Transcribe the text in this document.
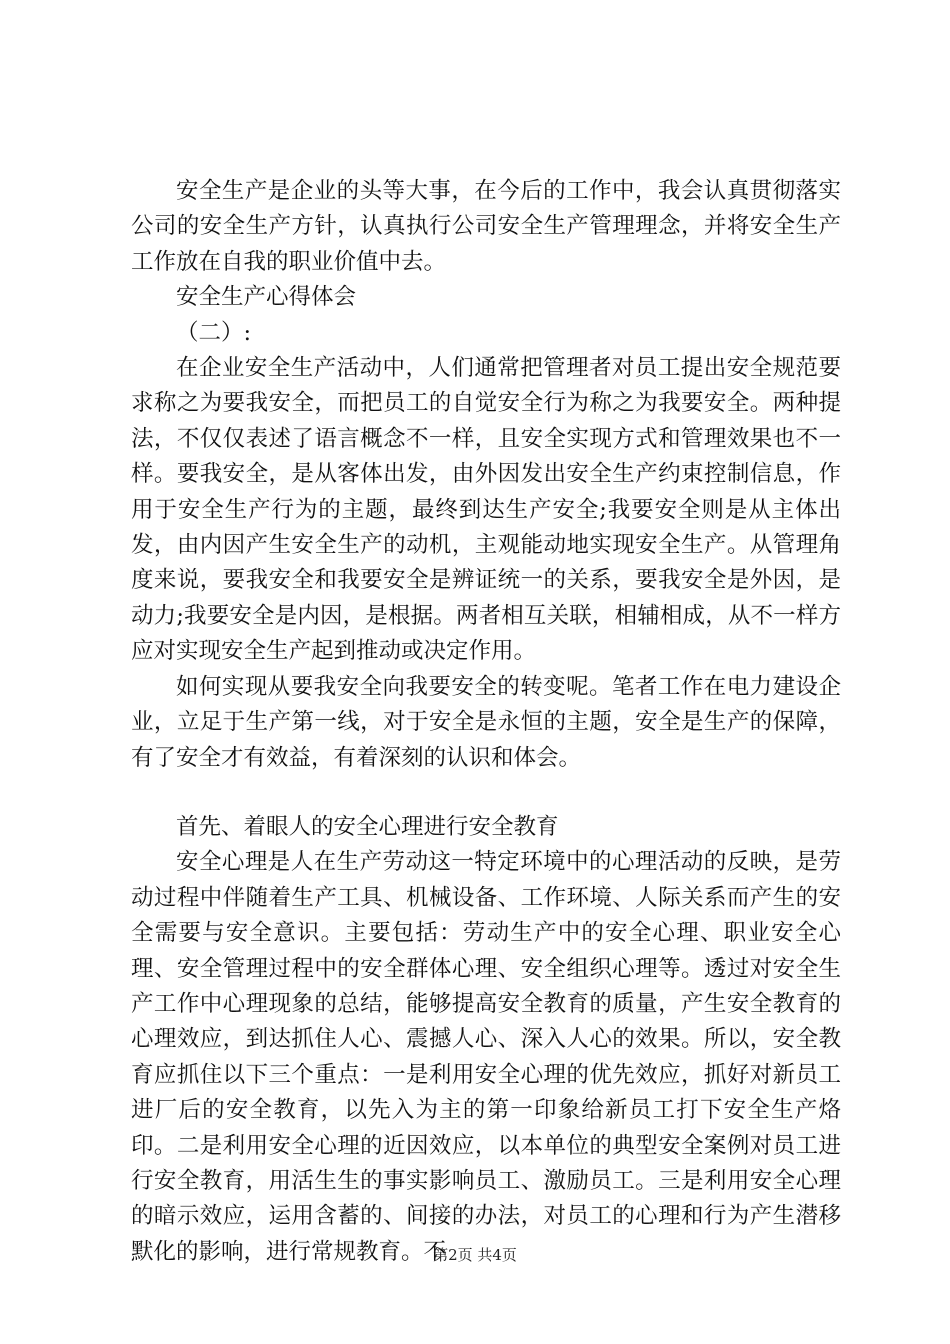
安全生产是企业的头等大事，在今后的工作中，我会认真贯彻落实公司的安全生产方针，认真执行公司安全生产管理理念，并将安全生产工作放在自我的职业价值中去。

安全生产心得体会

（二）:

在企业安全生产活动中，人们通常把管理者对员工提出安全规范要求称之为要我安全，而把员工的自觉安全行为称之为我要安全。两种提法，不仅仅表述了语言概念不一样，且安全实现方式和管理效果也不一样。要我安全，是从客体出发，由外因发出安全生产约束控制信息，作用于安全生产行为的主题，最终到达生产安全;我要安全则是从主体出发，由内因产生安全生产的动机，主观能动地实现安全生产。从管理角度来说，要我安全和我要安全是辨证统一的关系，要我安全是外因，是动力;我要安全是内因，是根据。两者相互关联，相辅相成，从不一样方应对实现安全生产起到推动或决定作用。

如何实现从要我安全向我要安全的转变呢。笔者工作在电力建设企业，立足于生产第一线，对于安全是永恒的主题，安全是生产的保障，有了安全才有效益，有着深刻的认识和体会。

首先、着眼人的安全心理进行安全教育

安全心理是人在生产劳动这一特定环境中的心理活动的反映，是劳动过程中伴随着生产工具、机械设备、工作环境、人际关系而产生的安全需要与安全意识。主要包括：劳动生产中的安全心理、职业安全心理、安全管理过程中的安全群体心理、安全组织心理等。透过对安全生产工作中心理现象的总结，能够提高安全教育的质量，产生安全教育的心理效应，到达抓住人心、震撼人心、深入人心的效果。所以，安全教育应抓住以下三个重点：一是利用安全心理的优先效应，抓好对新员工进厂后的安全教育，以先入为主的第一印象给新员工打下安全生产烙印。二是利用安全心理的近因效应，以本单位的典型安全案例对员工进行安全教育，用活生生的事实影响员工、激励员工。三是利用安全心理的暗示效应，运用含蓄的、间接的办法，对员工的心理和行为产生潜移默化的影响，进行常规教育。不

第2页 共4页
